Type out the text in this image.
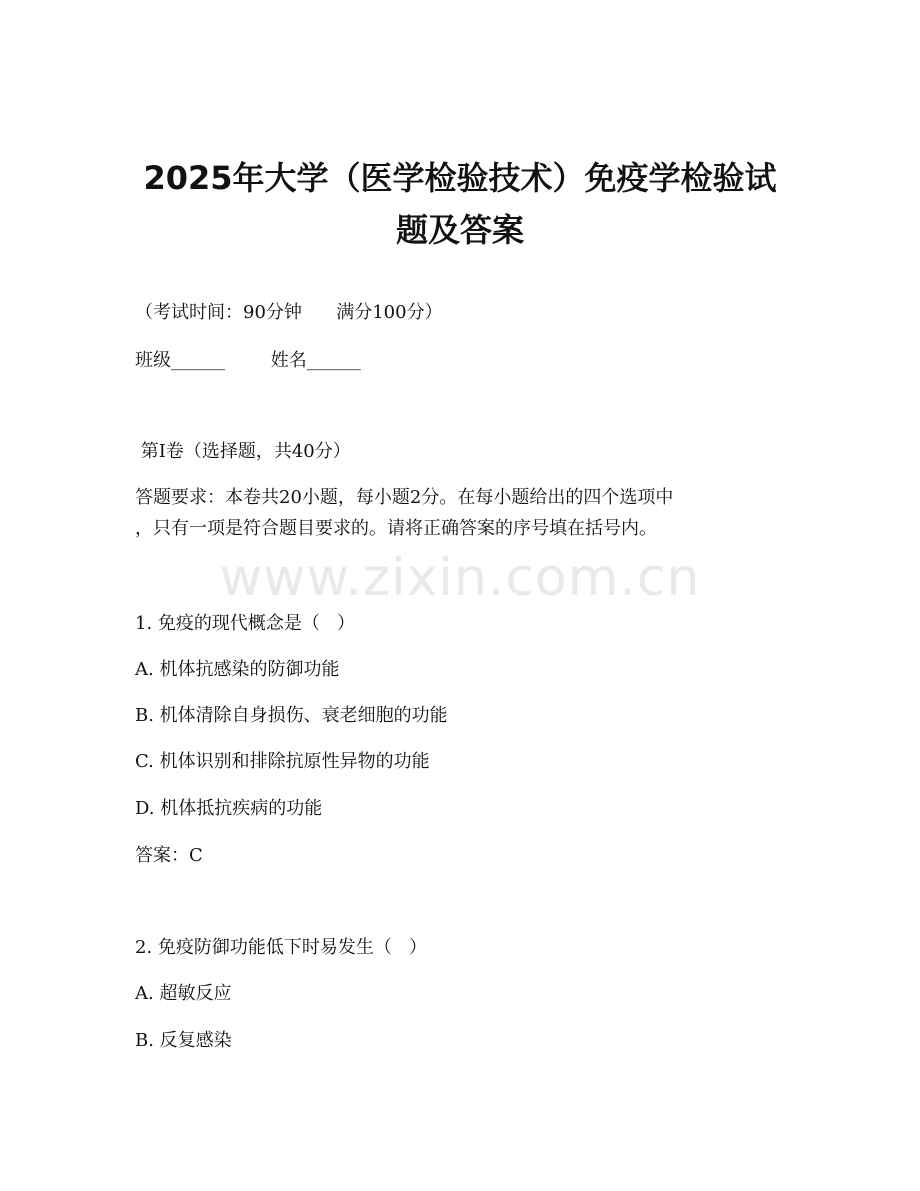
www.zixin.com.cn
2025年大学（医学检验技术）免疫学检验试
题及答案
（考试时间：90分钟      满分100分）
班级______        姓名______
第I卷（选择题，共40分）
答题要求：本卷共20小题，每小题2分。在每小题给出的四个选项中
，只有一项是符合题目要求的。请将正确答案的序号填在括号内。
1. 免疫的现代概念是（   ）
A. 机体抗感染的防御功能
B. 机体清除自身损伤、衰老细胞的功能
C. 机体识别和排除抗原性异物的功能
D. 机体抵抗疾病的功能
答案：C
2. 免疫防御功能低下时易发生（   ）
A. 超敏反应
B. 反复感染
